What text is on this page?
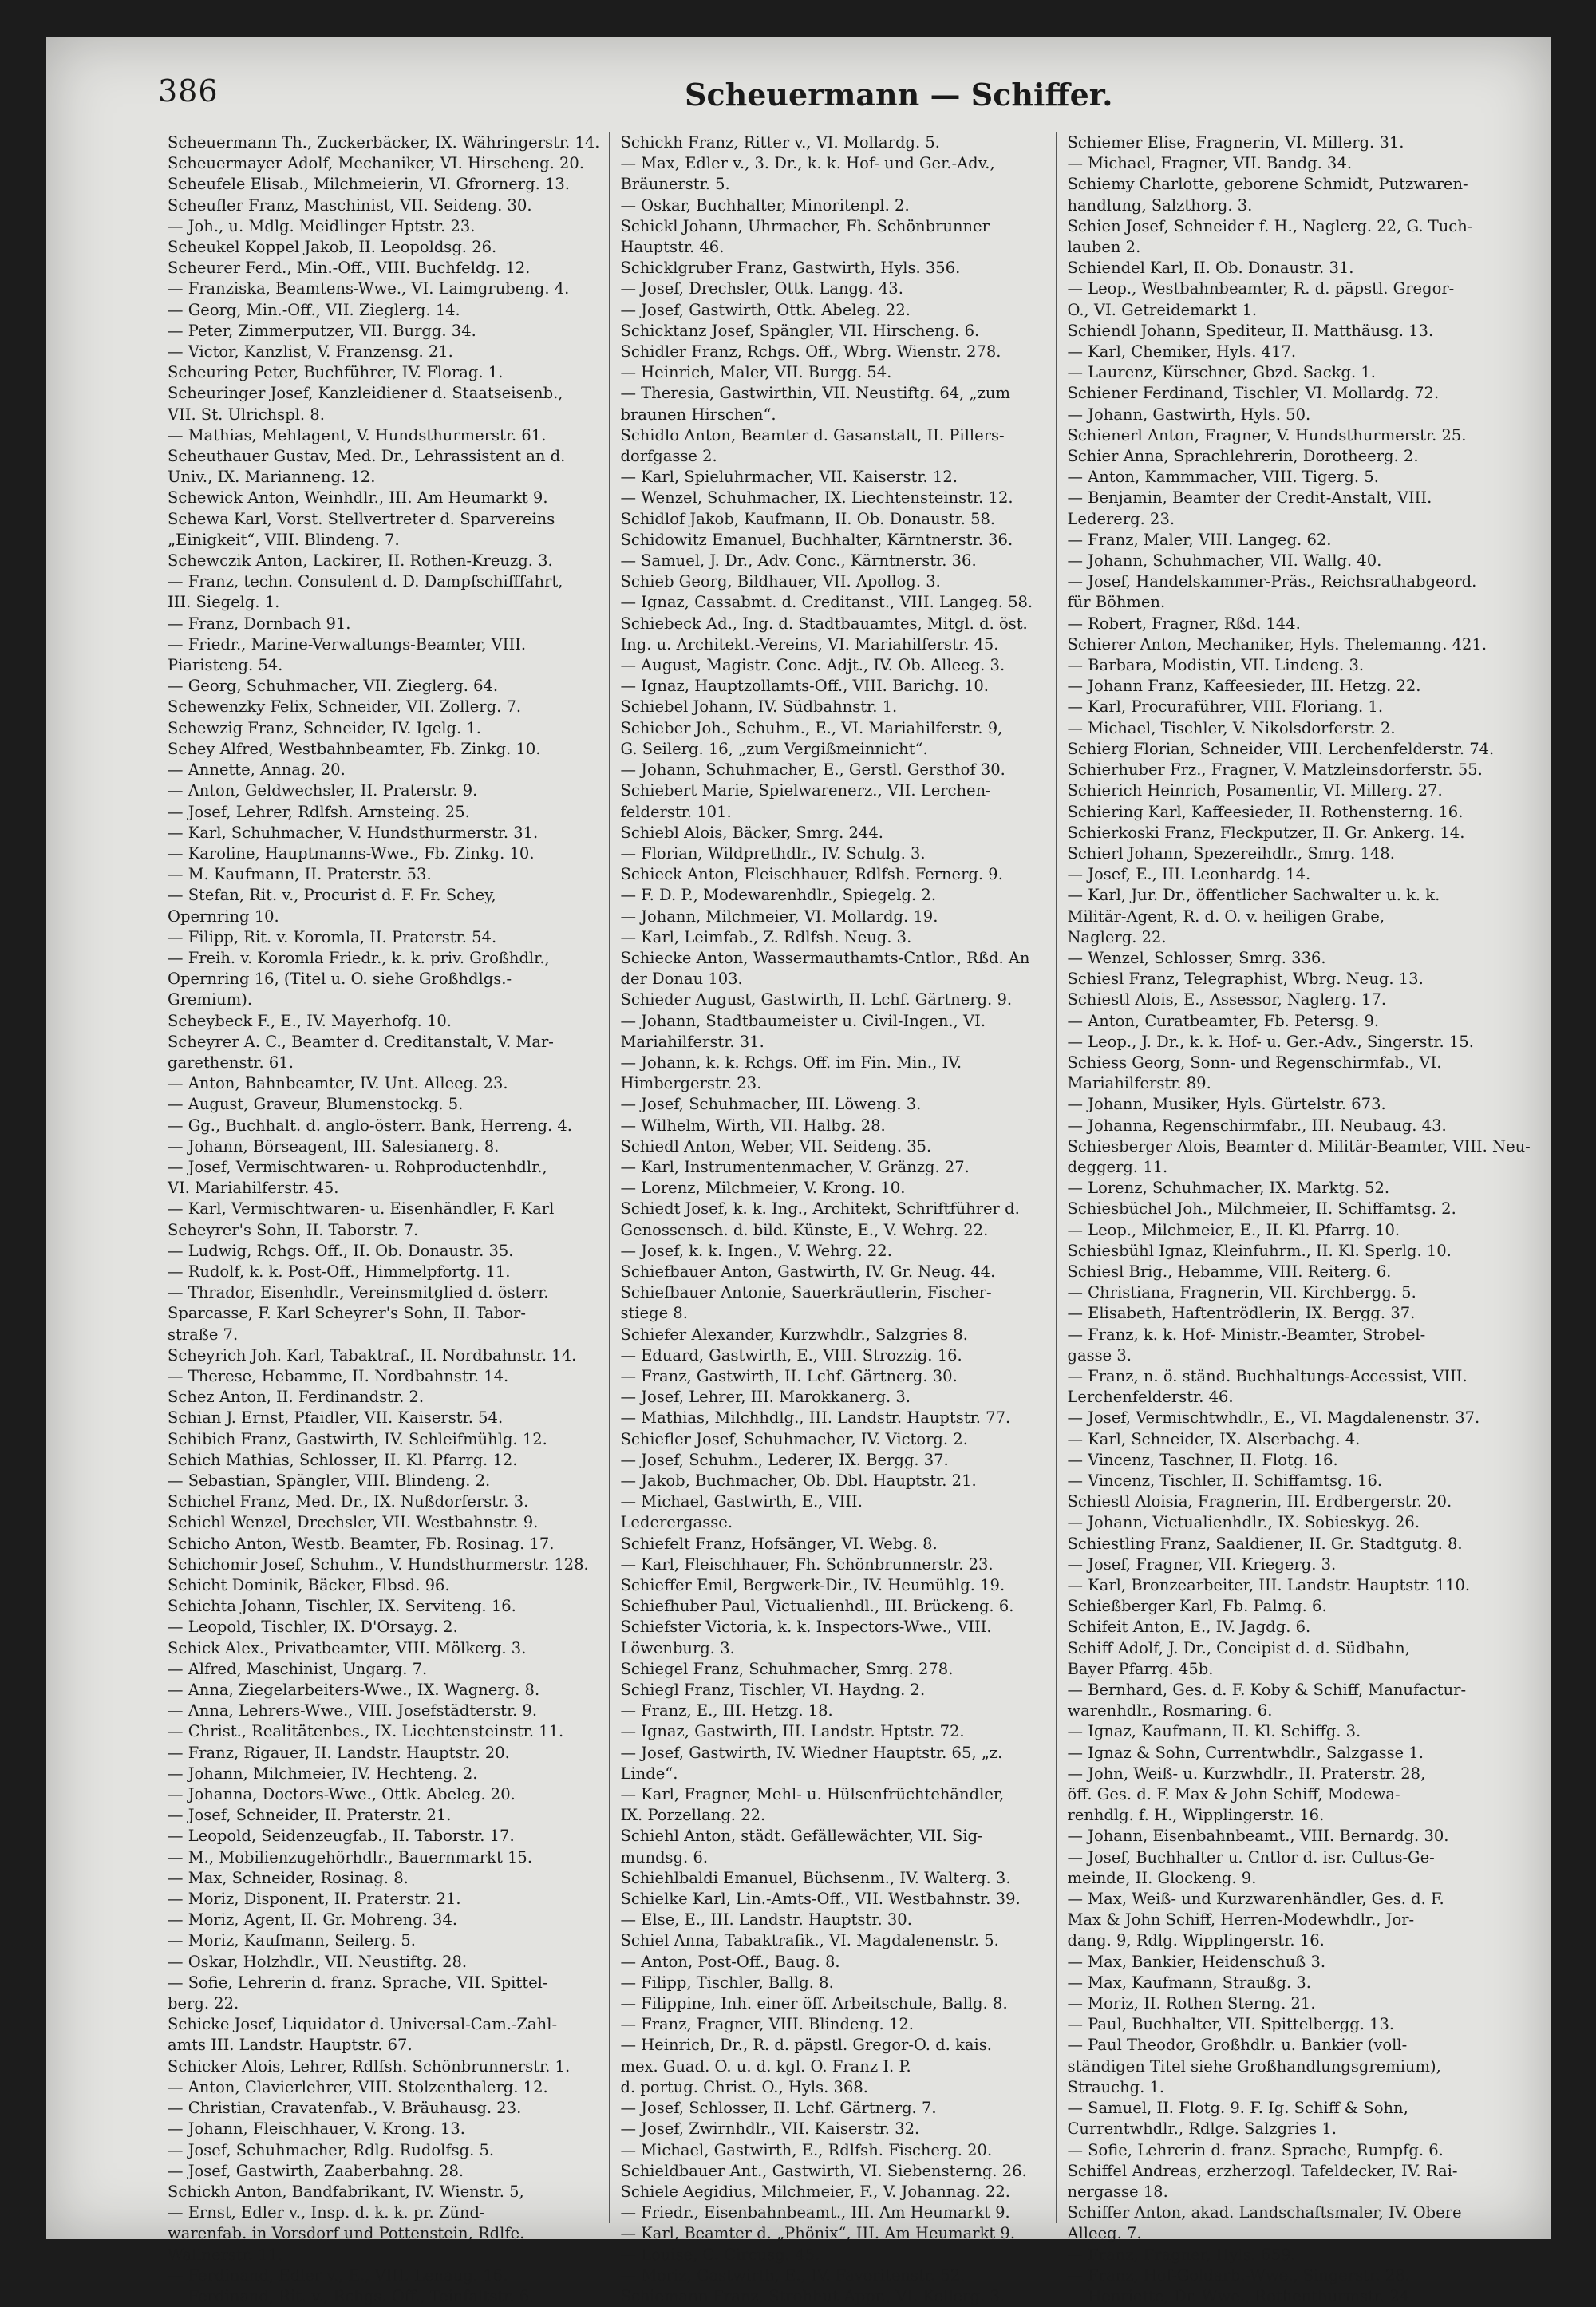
386	Scheuermann — Schiffer.
Scheuermann Th., Zuckerbäcker, IX. Währingerstr. 14.
Scheuermayer Adolf, Mechaniker, VI. Hirscheng. 20.
Scheufele Elisab., Milchmeierin, VI. Gfrornerg. 13.
Scheufler Franz, Maschinist, VII. Seideng. 30.
— Joh., u. Mdlg. Meidlinger Hptstr. 23.
Scheukel Koppel Jakob, II. Leopoldsg. 26.
Scheurer Ferd., Min.-Off., VIII. Buchfeldg. 12.
— Franziska, Beamtens-Wwe., VI. Laimgrubeng. 4.
— Georg, Min.-Off., VII. Zieglerg. 14.
— Peter, Zimmerputzer, VII. Burgg. 34.
— Victor, Kanzlist, V. Franzensg. 21.
Scheuring Peter, Buchführer, IV. Florag. 1.
Scheuringer Josef, Kanzleidiener d. Staatseisenb.,
VII. St. Ulrichspl. 8.
— Mathias, Mehlagent, V. Hundsthurmerstr. 61.
Scheuthauer Gustav, Med. Dr., Lehrassistent an d.
Univ., IX. Marianneng. 12.
Schewick Anton, Weinhdlr., III. Am Heumarkt 9.
Schewa Karl, Vorst. Stellvertreter d. Sparvereins
„Einigkeit“, VIII. Blindeng. 7.
Schewczik Anton, Lackirer, II. Rothen-Kreuzg. 3.
— Franz, techn. Consulent d. D. Dampfschifffahrt,
III. Siegelg. 1.
— Franz, Dornbach 91.
— Friedr., Marine-Verwaltungs-Beamter, VIII.
Piaristeng. 54.
— Georg, Schuhmacher, VII. Zieglerg. 64.
Schewenzky Felix, Schneider, VII. Zollerg. 7.
Schewzig Franz, Schneider, IV. Igelg. 1.
Schey Alfred, Westbahnbeamter, Fb. Zinkg. 10.
— Annette, Annag. 20.
— Anton, Geldwechsler, II. Praterstr. 9.
— Josef, Lehrer, Rdlfsh. Arnsteing. 25.
— Karl, Schuhmacher, V. Hundsthurmerstr. 31.
— Karoline, Hauptmanns-Wwe., Fb. Zinkg. 10.
— M. Kaufmann, II. Praterstr. 53.
— Stefan, Rit. v., Procurist d. F. Fr. Schey,
Opernring 10.
— Filipp, Rit. v. Koromla, II. Praterstr. 54.
— Freih. v. Koromla Friedr., k. k. priv. Großhdlr.,
Opernring 16, (Titel u. O. siehe Großhdlgs.-
Gremium).
Scheybeck F., E., IV. Mayerhofg. 10.
Scheyrer A. C., Beamter d. Creditanstalt, V. Mar-
garethenstr. 61.
— Anton, Bahnbeamter, IV. Unt. Alleeg. 23.
— August, Graveur, Blumenstockg. 5.
— Gg., Buchhalt. d. anglo-österr. Bank, Herreng. 4.
— Johann, Börseagent, III. Salesianerg. 8.
— Josef, Vermischtwaren- u. Rohproductenhdlr.,
VI. Mariahilferstr. 45.
— Karl, Vermischtwaren- u. Eisenhändler, F. Karl
Scheyrer's Sohn, II. Taborstr. 7.
— Ludwig, Rchgs. Off., II. Ob. Donaustr. 35.
— Rudolf, k. k. Post-Off., Himmelpfortg. 11.
— Thrador, Eisenhdlr., Vereinsmitglied d. österr.
Sparcasse, F. Karl Scheyrer's Sohn, II. Tabor-
straße 7.
Scheyrich Joh. Karl, Tabaktraf., II. Nordbahnstr. 14.
— Therese, Hebamme, II. Nordbahnstr. 14.
Schez Anton, II. Ferdinandstr. 2.
Schian J. Ernst, Pfaidler, VII. Kaiserstr. 54.
Schibich Franz, Gastwirth, IV. Schleifmühlg. 12.
Schich Mathias, Schlosser, II. Kl. Pfarrg. 12.
— Sebastian, Spängler, VIII. Blindeng. 2.
Schichel Franz, Med. Dr., IX. Nußdorferstr. 3.
Schichl Wenzel, Drechsler, VII. Westbahnstr. 9.
Schicho Anton, Westb. Beamter, Fb. Rosinag. 17.
Schichomir Josef, Schuhm., V. Hundsthurmerstr. 128.
Schicht Dominik, Bäcker, Flbsd. 96.
Schichta Johann, Tischler, IX. Serviteng. 16.
— Leopold, Tischler, IX. D'Orsayg. 2.
Schick Alex., Privatbeamter, VIII. Mölkerg. 3.
— Alfred, Maschinist, Ungarg. 7.
— Anna, Ziegelarbeiters-Wwe., IX. Wagnerg. 8.
— Anna, Lehrers-Wwe., VIII. Josefstädterstr. 9.
— Christ., Realitätenbes., IX. Liechtensteinstr. 11.
— Franz, Rigauer, II. Landstr. Hauptstr. 20.
— Johann, Milchmeier, IV. Hechteng. 2.
— Johanna, Doctors-Wwe., Ottk. Abeleg. 20.
— Josef, Schneider, II. Praterstr. 21.
— Leopold, Seidenzeugfab., II. Taborstr. 17.
— M., Mobilienzugehörhdlr., Bauernmarkt 15.
— Max, Schneider, Rosinag. 8.
— Moriz, Disponent, II. Praterstr. 21.
— Moriz, Agent, II. Gr. Mohreng. 34.
— Moriz, Kaufmann, Seilerg. 5.
— Oskar, Holzhdlr., VII. Neustiftg. 28.
— Sofie, Lehrerin d. franz. Sprache, VII. Spittel-
berg. 22.
Schicke Josef, Liquidator d. Universal-Cam.-Zahl-
amts III. Landstr. Hauptstr. 67.
Schicker Alois, Lehrer, Rdlfsh. Schönbrunnerstr. 1.
— Anton, Clavierlehrer, VIII. Stolzenthalerg. 12.
— Christian, Cravatenfab., V. Bräuhausg. 23.
— Johann, Fleischhauer, V. Krong. 13.
— Josef, Schuhmacher, Rdlg. Rudolfsg. 5.
— Josef, Gastwirth, Zaaberbahng. 28.
Schickh Anton, Bandfabrikant, IV. Wienstr. 5,
— Ernst, Edler v., Insp. d. k. k. pr. Zünd-
warenfab. in Vorsdorf und Pottenstein, Rdlfe.
Wallnerstr. 11.
— Ferdinand, Edler v., E., VIII. Lenaug. 16.
— Ferdinand, Rit. v., Rchgs. Off., Teinfaltstr. 6.
Schickh Franz, Ritter v., VI. Mollardg. 5.
— Max, Edler v., 3. Dr., k. k. Hof- und Ger.-Adv.,
Bräunerstr. 5.
— Oskar, Buchhalter, Minoritenpl. 2.
Schickl Johann, Uhrmacher, Fh. Schönbrunner
Hauptstr. 46.
Schicklgruber Franz, Gastwirth, Hyls. 356.
— Josef, Drechsler, Ottk. Langg. 43.
— Josef, Gastwirth, Ottk. Abeleg. 22.
Schicktanz Josef, Spängler, VII. Hirscheng. 6.
Schidler Franz, Rchgs. Off., Wbrg. Wienstr. 278.
— Heinrich, Maler, VII. Burgg. 54.
— Theresia, Gastwirthin, VII. Neustiftg. 64, „zum
braunen Hirschen“.
Schidlo Anton, Beamter d. Gasanstalt, II. Pillers-
dorfgasse 2.
— Karl, Spieluhrmacher, VII. Kaiserstr. 12.
— Wenzel, Schuhmacher, IX. Liechtensteinstr. 12.
Schidlof Jakob, Kaufmann, II. Ob. Donaustr. 58.
Schidowitz Emanuel, Buchhalter, Kärntnerstr. 36.
— Samuel, J. Dr., Adv. Conc., Kärntnerstr. 36.
Schieb Georg, Bildhauer, VII. Apollog. 3.
— Ignaz, Cassabmt. d. Creditanst., VIII. Langeg. 58.
Schiebeck Ad., Ing. d. Stadtbauamtes, Mitgl. d. öst.
Ing. u. Architekt.-Vereins, VI. Mariahilferstr. 45.
— August, Magistr. Conc. Adjt., IV. Ob. Alleeg. 3.
— Ignaz, Hauptzollamts-Off., VIII. Barichg. 10.
Schiebel Johann, IV. Südbahnstr. 1.
Schieber Joh., Schuhm., E., VI. Mariahilferstr. 9,
G. Seilerg. 16, „zum Vergißmeinnicht“.
— Johann, Schuhmacher, E., Gerstl. Gersthof 30.
Schiebert Marie, Spielwarenerz., VII. Lerchen-
felderstr. 101.
Schiebl Alois, Bäcker, Smrg. 244.
— Florian, Wildprethdlr., IV. Schulg. 3.
Schieck Anton, Fleischhauer, Rdlfsh. Fernerg. 9.
— F. D. P., Modewarenhdlr., Spiegelg. 2.
— Johann, Milchmeier, VI. Mollardg. 19.
— Karl, Leimfab., Z. Rdlfsh. Neug. 3.
Schiecke Anton, Wassermauthamts-Cntlor., Rßd. An
der Donau 103.
Schieder August, Gastwirth, II. Lchf. Gärtnerg. 9.
— Johann, Stadtbaumeister u. Civil-Ingen., VI.
Mariahilferstr. 31.
— Johann, k. k. Rchgs. Off. im Fin. Min., IV.
Himbergerstr. 23.
— Josef, Schuhmacher, III. Löweng. 3.
— Wilhelm, Wirth, VII. Halbg. 28.
Schiedl Anton, Weber, VII. Seideng. 35.
— Karl, Instrumentenmacher, V. Gränzg. 27.
— Lorenz, Milchmeier, V. Krong. 10.
Schiedt Josef, k. k. Ing., Architekt, Schriftführer d.
Genossensch. d. bild. Künste, E., V. Wehrg. 22.
— Josef, k. k. Ingen., V. Wehrg. 22.
Schiefbauer Anton, Gastwirth, IV. Gr. Neug. 44.
Schiefbauer Antonie, Sauerkräutlerin, Fischer-
stiege 8.
Schiefer Alexander, Kurzwhdlr., Salzgries 8.
— Eduard, Gastwirth, E., VIII. Strozzig. 16.
— Franz, Gastwirth, II. Lchf. Gärtnerg. 30.
— Josef, Lehrer, III. Marokkanerg. 3.
— Mathias, Milchhdlg., III. Landstr. Hauptstr. 77.
Schiefler Josef, Schuhmacher, IV. Victorg. 2.
— Josef, Schuhm., Lederer, IX. Bergg. 37.
— Jakob, Buchmacher, Ob. Dbl. Hauptstr. 21.
— Michael, Gastwirth, E., VIII.
Lederergasse.
Schiefelt Franz, Hofsänger, VI. Webg. 8.
— Karl, Fleischhauer, Fh. Schönbrunnerstr. 23.
Schieffer Emil, Bergwerk-Dir., IV. Heumühlg. 19.
Schiefhuber Paul, Victualienhdl., III. Brückeng. 6.
Schiefster Victoria, k. k. Inspectors-Wwe., VIII.
Löwenburg. 3.
Schiegel Franz, Schuhmacher, Smrg. 278.
Schiegl Franz, Tischler, VI. Haydng. 2.
— Franz, E., III. Hetzg. 18.
— Ignaz, Gastwirth, III. Landstr. Hptstr. 72.
— Josef, Gastwirth, IV. Wiedner Hauptstr. 65, „z.
Linde“.
— Karl, Fragner, Mehl- u. Hülsenfrüchtehändler,
IX. Porzellang. 22.
Schiehl Anton, städt. Gefällewächter, VII. Sig-
mundsg. 6.
Schiehlbaldi Emanuel, Büchsenm., IV. Walterg. 3.
Schielke Karl, Lin.-Amts-Off., VII. Westbahnstr. 39.
— Else, E., III. Landstr. Hauptstr. 30.
Schiel Anna, Tabaktrafik., VI. Magdalenenstr. 5.
— Anton, Post-Off., Baug. 8.
— Filipp, Tischler, Ballg. 8.
— Filippine, Inh. einer öff. Arbeitschule, Ballg. 8.
— Franz, Fragner, VIII. Blindeng. 12.
— Heinrich, Dr., R. d. päpstl. Gregor-O. d. kais.
mex. Guad. O. u. d. kgl. O. Franz I. P.
d. portug. Christ. O., Hyls. 368.
— Josef, Schlosser, II. Lchf. Gärtnerg. 7.
— Josef, Zwirnhdlr., VII. Kaiserstr. 32.
— Michael, Gastwirth, E., Rdlfsh. Fischerg. 20.
Schieldbauer Ant., Gastwirth, VI. Siebensterng. 26.
Schiele Aegidius, Milchmeier, F., V. Johannag. 22.
— Friedr., Eisenbahnbeamt., III. Am Heumarkt 9.
— Karl, Beamter d. „Phönix“, III. Am Heumarkt 9.
— Louise, C. Circusg. 45.
— Moriz, Gastwirth, E., IV. Favoritenstr. 52.
Schiemann Franz, Strohhut-Appr., VI. Kellerg. 3.
Schiemer Elise, Fragnerin, VI. Millerg. 31.
— Michael, Fragner, VII. Bandg. 34.
Schiemy Charlotte, geborene Schmidt, Putzwaren-
handlung, Salzthorg. 3.
Schien Josef, Schneider f. H., Naglerg. 22, G. Tuch-
lauben 2.
Schiendel Karl, II. Ob. Donaustr. 31.
— Leop., Westbahnbeamter, R. d. päpstl. Gregor-
O., VI. Getreidemarkt 1.
Schiendl Johann, Spediteur, II. Matthäusg. 13.
— Karl, Chemiker, Hyls. 417.
— Laurenz, Kürschner, Gbzd. Sackg. 1.
Schiener Ferdinand, Tischler, VI. Mollardg. 72.
— Johann, Gastwirth, Hyls. 50.
Schienerl Anton, Fragner, V. Hundsthurmerstr. 25.
Schier Anna, Sprachlehrerin, Dorotheerg. 2.
— Anton, Kammmacher, VIII. Tigerg. 5.
— Benjamin, Beamter der Credit-Anstalt, VIII.
Ledererg. 23.
— Franz, Maler, VIII. Langeg. 62.
— Johann, Schuhmacher, VII. Wallg. 40.
— Josef, Handelskammer-Präs., Reichsrathabgeord.
für Böhmen.
— Robert, Fragner, Rßd. 144.
Schierer Anton, Mechaniker, Hyls. Thelemanng. 421.
— Barbara, Modistin, VII. Lindeng. 3.
— Johann Franz, Kaffeesieder, III. Hetzg. 22.
— Karl, Procuraführer, VIII. Floriang. 1.
— Michael, Tischler, V. Nikolsdorferstr. 2.
Schierg Florian, Schneider, VIII. Lerchenfelderstr. 74.
Schierhuber Frz., Fragner, V. Matzleinsdorferstr. 55.
Schierich Heinrich, Posamentir, VI. Millerg. 27.
Schiering Karl, Kaffeesieder, II. Rothensterng. 16.
Schierkoski Franz, Fleckputzer, II. Gr. Ankerg. 14.
Schierl Johann, Spezereihdlr., Smrg. 148.
— Josef, E., III. Leonhardg. 14.
— Karl, Jur. Dr., öffentlicher Sachwalter u. k. k.
Militär-Agent, R. d. O. v. heiligen Grabe,
Naglerg. 22.
— Wenzel, Schlosser, Smrg. 336.
Schiesl Franz, Telegraphist, Wbrg. Neug. 13.
Schiestl Alois, E., Assessor, Naglerg. 17.
— Anton, Curatbeamter, Fb. Petersg. 9.
— Leop., J. Dr., k. k. Hof- u. Ger.-Adv., Singerstr. 15.
Schiess Georg, Sonn- und Regenschirmfab., VI.
Mariahilferstr. 89.
— Johann, Musiker, Hyls. Gürtelstr. 673.
— Johanna, Regenschirmfabr., III. Neubaug. 43.
Schiesberger Alois, Beamter d. Militär-Beamter, VIII. Neu-
deggerg. 11.
— Lorenz, Schuhmacher, IX. Marktg. 52.
Schiesbüchel Joh., Milchmeier, II. Schiffamtsg. 2.
— Leop., Milchmeier, E., II. Kl. Pfarrg. 10.
Schiesbühl Ignaz, Kleinfuhrm., II. Kl. Sperlg. 10.
Schiesl Brig., Hebamme, VIII. Reiterg. 6.
— Christiana, Fragnerin, VII. Kirchbergg. 5.
— Elisabeth, Haftentrödlerin, IX. Bergg. 37.
— Franz, k. k. Hof- Ministr.-Beamter, Strobel-
gasse 3.
— Franz, n. ö. ständ. Buchhaltungs-Accessist, VIII.
Lerchenfelderstr. 46.
— Josef, Vermischtwhdlr., E., VI. Magdalenenstr. 37.
— Karl, Schneider, IX. Alserbachg. 4.
— Vincenz, Taschner, II. Flotg. 16.
— Vincenz, Tischler, II. Schiffamtsg. 16.
Schiestl Aloisia, Fragnerin, III. Erdbergerstr. 20.
— Johann, Victualienhdlr., IX. Sobieskyg. 26.
Schiestling Franz, Saaldiener, II. Gr. Stadtgutg. 8.
— Josef, Fragner, VII. Kriegerg. 3.
— Karl, Bronzearbeiter, III. Landstr. Hauptstr. 110.
Schießberger Karl, Fb. Palmg. 6.
Schifeit Anton, E., IV. Jagdg. 6.
Schiff Adolf, J. Dr., Concipist d. d. Südbahn,
Bayer Pfarrg. 45b.
— Bernhard, Ges. d. F. Koby & Schiff, Manufactur-
warenhdlr., Rosmaring. 6.
— Ignaz, Kaufmann, II. Kl. Schiffg. 3.
— Ignaz & Sohn, Currentwhdlr., Salzgasse 1.
— John, Weiß- u. Kurzwhdlr., II. Praterstr. 28,
öff. Ges. d. F. Max & John Schiff, Modewa-
renhdlg. f. H., Wipplingerstr. 16.
— Johann, Eisenbahnbeamt., VIII. Bernardg. 30.
— Josef, Buchhalter u. Cntlor d. isr. Cultus-Ge-
meinde, II. Glockeng. 9.
— Max, Weiß- und Kurzwarenhändler, Ges. d. F.
Max & John Schiff, Herren-Modewhdlr., Jor-
dang. 9, Rdlg. Wipplingerstr. 16.
— Max, Bankier, Heidenschuß 3.
— Max, Kaufmann, Straußg. 3.
— Moriz, II. Rothen Sterng. 21.
— Paul, Buchhalter, VII. Spittelbergg. 13.
— Paul Theodor, Großhdlr. u. Bankier (voll-
ständigen Titel siehe Großhandlungsgremium),
Strauchg. 1.
— Samuel, II. Flotg. 9. F. Ig. Schiff & Sohn,
Currentwhdlr., Rdlge. Salzgries 1.
— Sofie, Lehrerin d. franz. Sprache, Rumpfg. 6.
Schiffel Andreas, erzherzogl. Tafeldecker, IV. Rai-
nergasse 18.
Schiffer Anton, akad. Landschaftsmaler, IV. Obere
Alleeg. 7.
— Franz, Fragner, Hyls. 659.
— Franz, Hof-Goldarb.-Wwe., Singerstr. 28.
— Henriette, Dr.-Wwe., Rothenthurmstr. 24.
